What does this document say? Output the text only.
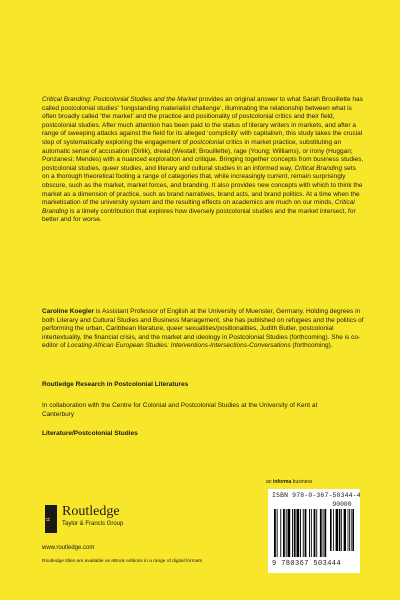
Critical Branding: Postcolonial Studies and the Market provides an original answer to what Sarah Brouillette has called postcolonial studies' ‘longstanding materialist challenge’, illuminating the relationship between what is often broadly called ‘the market’ and the practice and positionality of postcolonial critics and their field, postcolonial studies. After much attention has been paid to the status of literary writers in markets, and after a range of sweeping attacks against the field for its alleged ‘complicity’ with capitalism, this study takes the crucial step of systematically exploring the engagement of postcolonial critics in market practice, substituting an automatic sense of accusation (Dirlik), dread (Westall; Brouillette), rage (Young; Williams), or irony (Huggan; Ponzanesi; Mendes) with a nuanced exploration and critique. Bringing together concepts from business studies, postcolonial studies, queer studies, and literary and cultural studies in an informed way, Critical Branding sets on a thorough theoretical footing a range of categories that, while increasingly current, remain surprisingly obscure, such as the market, market forces, and branding. It also provides new concepts with which to think the market as a dimension of practice, such as brand narratives, brand acts, and brand politics. At a time when the marketisation of the university system and the resulting effects on academics are much on our minds, Critical Branding is a timely contribution that explores how diversely postcolonial studies and the market intersect, for better and for worse.

Caroline Koegler is Assistant Professor of English at the University of Muenster, Germany. Holding degrees in both Literary and Cultural Studies and Business Management, she has published on refugees and the politics of performing the urban, Caribbean literature, queer sexualities/positionalities, Judith Butler, postcolonial intertextuality, the financial crisis, and the market and ideology in Postcolonial Studies (forthcoming). She is co-editor of Locating African European Studies: Interventions-Intersections-Conversations (forthcoming).
Routledge Research in Postcolonial Literatures
In collaboration with the Centre for Colonial and Postcolonial Studies at the University of Kent at Canterbury
Literature/Postcolonial Studies
an informa business
R
Routledge
Taylor & Francis Group
www.routledge.com
Routledge titles are available as eBook editions in a range of digital formats
ISBN 978-0-367-50344-4
90000
9 780367 503444
